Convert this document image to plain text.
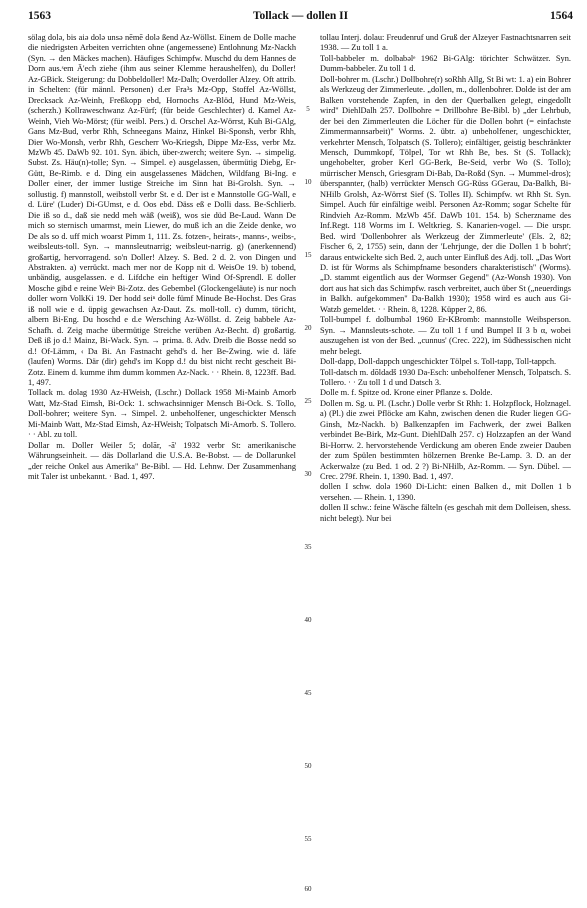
1563	Tollack — dollen II	1564

sölag dolə, bis aiə dolə unsə nēmē dolə ßend Az-Wöllst. Einem de Dolle mache die niedrigsten Arbeiten verrichten ohne (angemessene) Entlohnung Mz-Nackh (Syn. → den Mäckes machen). Häufiges Schimpfw. Muschd du dem Hannes de Dorn aus.ˢem Ā'ech ziehe (ihm aus seiner Klemme heraushelfen), du Doller! Az-GBick. Steigerung: du Dobbeldoller! Mz-Dalh; Overdoller Alzey. Oft attrib. in Schelten: (für männl. Personen) d.er Fra³s Mz-Opp, Stoffel Az-Wöllst, Drecksack Az-Weinh, Freßkopp ebd, Hornochs Az-Blöd, Hund Mz-Weis, (scherzh.) Kollraweschwanz Az-Fürf; (für beide Geschlechter) d. Kamel Az-Weinh, Vieh Wo-Mörst; (für weibl. Pers.) d. Orschel Az-Wörrst, Kuh Bi-GAlg, Gans Mz-Bud, verbr Rhh, Schneegans Mainz, Hinkel Bi-Sponsh, verbr Rhh, Dier Wo-Monsh, verbr Rhh, Gescherr Wo-Kriegsh, Dippe Mz-Ess, verbr Mz. MzWb 45. DaWb 92. 101. Syn. äbich, über-zwerch; weitere Syn. → simpelig. Subst. Zs. Häu(n)-tolle; Syn. → Simpel. e) ausgelassen, übermütig Diebg, Er-Gütt, Be-Rimb. e d. Ding ein ausgelassenes Mädchen, Wildfang Bi-Ing. e Doller einer, der immer lustige Streiche im Sinn hat Bi-Grolsh. Syn. → sollustig. f) mannstoll, weibstoll verbr St. e d. Der ist e Mannstolle GG-Wall, e d. Lüre' (Luder) Di-GUmst, e d. Oos ebd. Däss eß e Dolli dass. Be-Schlierb. Die iß so d., daß sie nedd meh wäß (weiß), wos sie düd Be-Laud. Wann De mich so sternisch umarmst, mein Liewer, do muß ich an die Zeide denke, wo De als so d. uff mich woarst Pimm 1, 111. Zs. fotzen-, heirats-, manns-, weibs-, weibsleuts-toll. Syn. → mannsleutnarrig; weibsleut-narrig. g) (anerkennend) großartig, hervorragend. so'n Doller! Alzey. S. Bed. 2 d. 2. von Dingen und Abstrakten. a) verrückt. mach mer nor de Kopp nit d. WeisOe 19. b) tobend, unbändig, ausgelassen. e d. Lifdche ein heftiger Wind Of-Sprendl. E doller Mosche gibd e reine Weiⁿ Bi-Zotz. des Gebembel (Glockengeläute) is nur noch doller worn VolkKi 19. Der hodd seiⁿ dolle fümf Minude Be-Hochst. Des Gras iß noll wie e d. üppig gewachsen Az-Daut. Zs. moll-toll. c) dumm, töricht, albern Bi-Eng. Du hoschd e d.e Wersching Az-Wöllst. d. Zeig babbele Az-Schafh. d. Zeig mache übermütige Streiche verüben Az-Becht. d) großartig. Deß iß jo d.! Mainz, Bi-Wack. Syn. → prima. 8. Adv. Dreib die Bosse nedd so d.! Of-Lämm, ‹ Da Bi. An Fastnacht gehd's d. her Be-Zwing. wie d. läfe (laufen) Worms. Där (dir) gehd's im Kopp d.! du bist nicht recht gescheit Bi-Zotz. Einem d. kumme ihm dumm kommen Az-Nack. · · Rhein. 8, 1223ff. Bad. 1, 497.

Tollack m. dolag 1930 Az-HWeish, (Lschr.) Dollack 1958 Mi-Mainb Amorb Watt, Mz-Stad Eimsh, Bi-Ock: 1. schwachsinniger Mensch Bi-Ock. S. Tollo, Doll-bohrer; weitere Syn. → Simpel. 2. unbeholfener, ungeschickter Mensch Mi-Mainb Watt, Mz-Stad Eimsh, Az-HWeish; Tolpatsch Mi-Amorb. S. Tollero. · · Abl. zu toll.

Dollar m. Doller Weiler 5; dolār, -ā' 1932 verbr St: amerikanische Währungseinheit. — däs Dollarland die U.S.A. Be-Bobst. — de Dollarunkel „der reiche Onkel aus Amerika" Be-Bibl. — Hd. Lehnw. Der Zusammenhang mit Taler ist unbekannt. · Bad. 1, 497.

5
10
15
20
25
30
35
40
45
50
55
60

tollau Interj. dolau: Freudenruf und Gruß der Alzeyer Fastnachtsnarren seit 1938. — Zu toll 1 a.

Toll-babbeler m. dolbabəlᵉ 1962 Bi-GAlg: törichter Schwätzer. Syn. Dumm-babbeler. Zu toll 1 d.

Doll-bohrer m. (Lschr.) Dollbohre(r) soRhh Allg, St Bi wt: 1. a) ein Bohrer als Werkzeug der Zimmerleute. „dollen, m., dollenbohrer. Dolde ist der am Balken vorstehende Zapfen, in den der Querbalken gelegt, eingedollt wird" DiehlDalh 257. Dollbohre = Drillbohre Be-Bibl. b) „der Lehrbub, der bei den Zimmerleuten die Löcher für die Dollen bohrt (= einfachste Zimmermannsarbeit)" Worms. 2. übtr. a) unbeholfener, ungeschickter, verkehrter Mensch, Tolpatsch (S. Tollero); einfältiger, geistig beschränkter Mensch, Dummkopf, Tölpel, Tor wt Rhh Be, bes. St (S. Tollack); ungehobelter, grober Kerl GG-Berk, Be-Seid, verbr Wo (S. Tollo); mürrischer Mensch, Griesgram Di-Bab, Da-Roßd (Syn. → Mummel-dros); überspannter, (halb) verrückter Mensch GG-Rüss GGerau, Da-Balkh, Bi-NHilb Grolsh, Az-Wörrst Sief (S. Tolles II). Schimpfw. wt Rhh St. Syn. Simpel. Auch für einfältige weibl. Personen Az-Romm; sogar Schelte für Rindvieh Az-Romm. MzWb 45f. DaWb 101. 154. b) Scherzname des Inf.Regt. 118 Worms im I. Weltkrieg. S. Kanarien-vogel. — Die urspr. Bed. wird 'Dollenbohrer als Werkzeug der Zimmerleute' (Els. 2, 82; Fischer 6, 2, 1755) sein, dann der 'Lehrjunge, der die Dollen 1 b bohrt'; daraus entwickelte sich Bed. 2, auch unter Einfluß des Adj. toll. „Das Wort D. ist für Worms als Schimpfname besonders charakteristisch" (Worms). „D. stammt eigentlich aus der Wormser Gegend" (Az-Wonsh 1930). Von dort aus hat sich das Schimpfw. rasch verbreitet, auch über St („neuerdings in Balkh. aufgekommen" Da-Balkh 1930); 1958 wird es auch aus Gi-Watzb gemeldet. · · Rhein. 8, 1228. Küpper 2, 86.

Toll-bumpel f. dolbumbəl 1960 Er-KBromb: mannstolle Weibsperson. Syn. → Mannsleuts-schote. — Zu toll 1 f und Bumpel II 3 b α, wobei auszugehen ist von der Bed. „cunnus' (Crec. 222), im Südhessischen nicht mehr belegt.

Doll-dapp, Doll-dappch ungeschickter Tölpel s. Toll-tapp, Toll-tappch.

Toll-datsch m. dōldadš 1930 Da-Esch: unbeholfener Mensch, Tolpatsch. S. Tollero. · · Zu toll 1 d und Datsch 3.

Dolle m. f. Spitze od. Krone einer Pflanze s. Dolde.

Dollen m. Sg. u. Pl. (Lschr.) Dolle verbr St Rhh: 1. Holzpflock, Holznagel. a) (Pl.) die zwei Pflöcke am Kahn, zwischen denen die Ruder liegen GG-Ginsh, Mz-Nackh. b) Balkenzapfen im Fachwerk, der zwei Balken verbindet Be-Birk, Mz-Gunt. DiehlDalh 257. c) Holzzapfen an der Wand Bi-Horrw. 2. hervorstehende Verdickung am oberen Ende zweier Dauben der zum Spülen bestimmten hölzernen Brenke Be-Lamp. 3. D. an der Ackerwalze (zu Bed. 1 od. 2 ?) Bi-NHilb, Az-Romm. — Syn. Dübel. — Crec. 279f. Rhein. 1, 1390. Bad. 1, 497.

dollen I schw. dolə 1960 Di-Licht: einen Balken d., mit Dollen 1 b versehen. — Rhein. 1, 1390.

dollen II schw.: feine Wäsche fälteln (es geschah mit dem Dolleisen, shess. nicht belegt). Nur bei
